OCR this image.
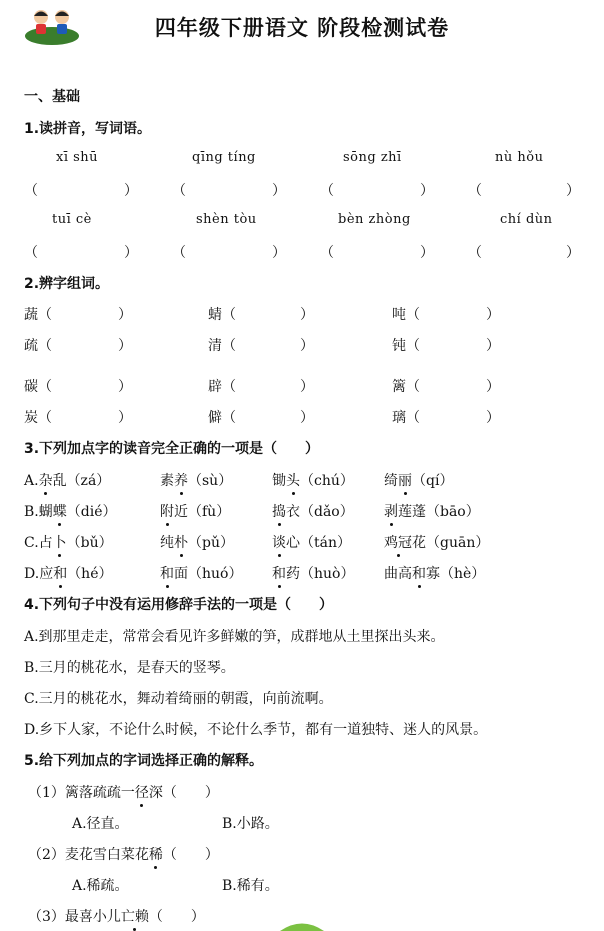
四年级下册语文 阶段检测试卷
一、基础
1.读拼音，写词语。
xī shū	qīng tíng	sōng zhī	nù hǒu
（	） （	） （	） （	）
tuī cè	shèn tòu	bèn zhòng	chí dùn
（	） （	） （	） （	）
2.辨字组词。
蔬（	）	蜻（	）	吨（	）
疏（	）	清（	）	钝（	）
碳（	）	辟（	）	篱（	）
炭（	）	僻（	）	璃（	）
3.下列加点字的读音完全正确的一项是（　　）
A.杂乱（zá）	素养（sù）	锄头（chú） 绮丽（qí）
B.蝴蝶（dié）	附近（fù）	捣衣（dǎo） 剥莲蓬（bāo）
C.占卜（bǔ）	纯朴（pǔ）	谈心（tán） 鸡冠花（guān）
D.应和（hé）	和面（huó） 和药（huò） 曲高和寡（hè）
4.下列句子中没有运用修辞手法的一项是（　　）
A.到那里走走，常常会看见许多鲜嫩的笋，成群地从土里探出头来。
B.三月的桃花水，是春天的竖琴。
C.三月的桃花水，舞动着绮丽的朝霞，向前流啊。
D.乡下人家，不论什么时候，不论什么季节，都有一道独特、迷人的风景。
5.给下列加点的字词选择正确的解释。
（1）篱落疏疏一径深（　　）
A.径直。	B.小路。
（2）麦花雪白菜花稀（　　）
A.稀疏。	B.稀有。
（3）最喜小儿亡赖（　　）
